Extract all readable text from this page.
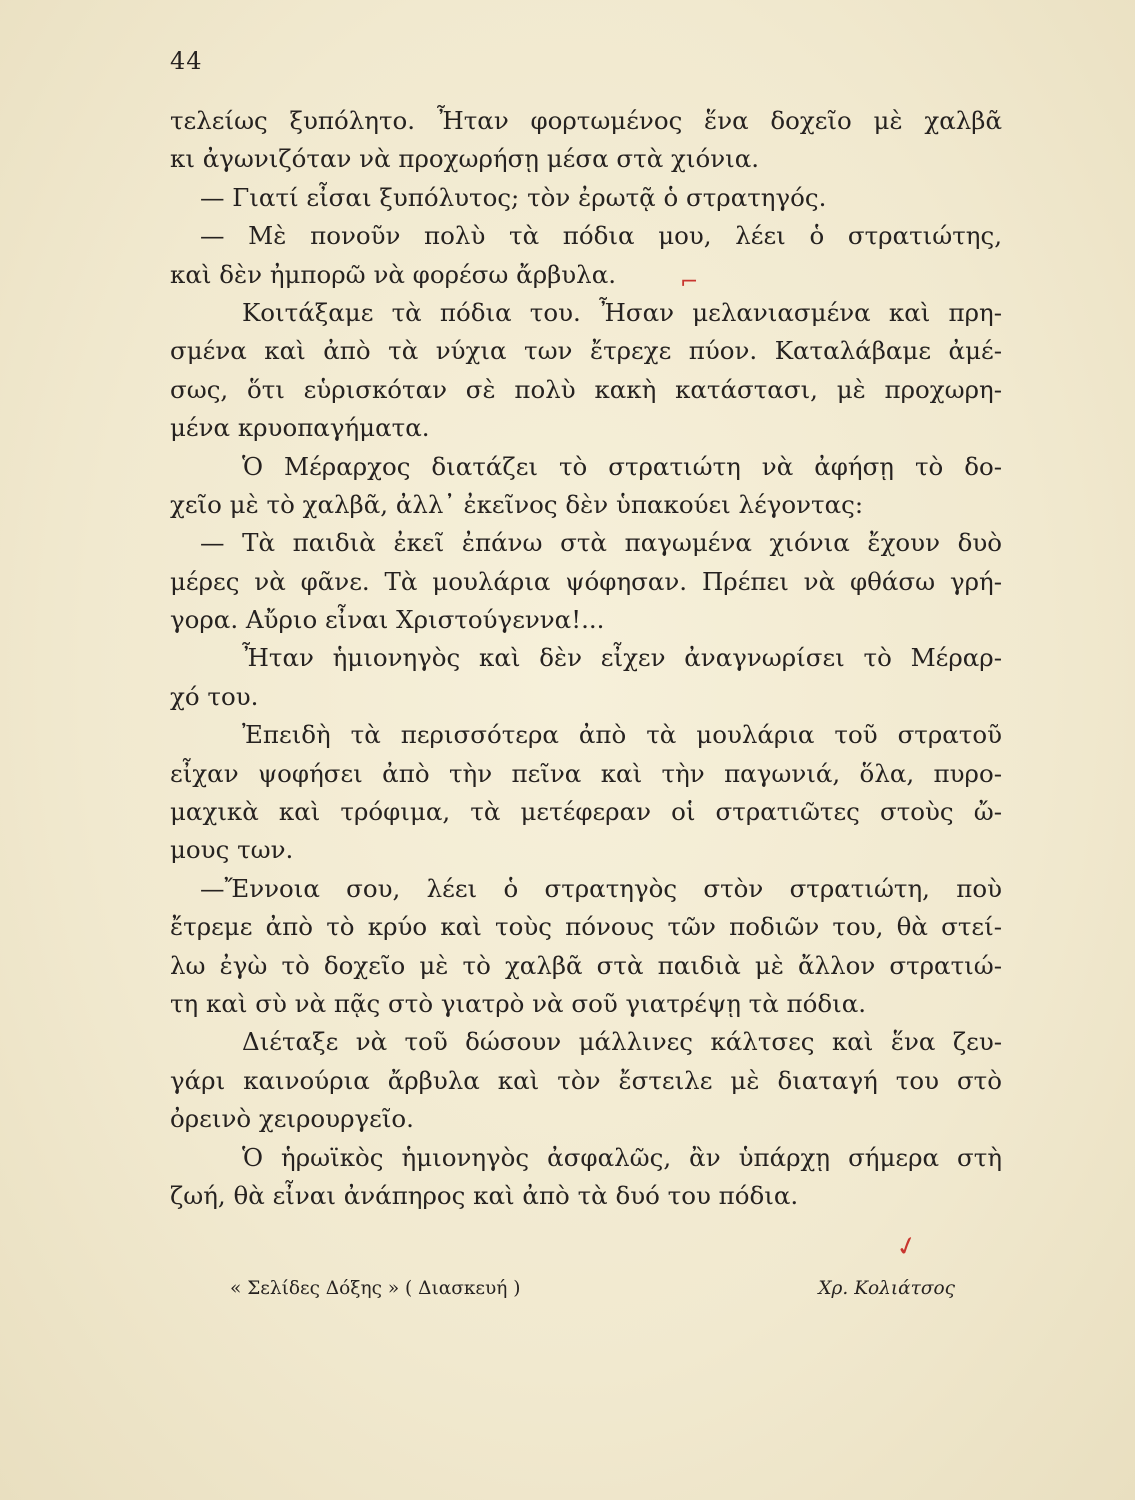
44
τελείως ξυπόλητο. Ἦταν φορτωμένος ἕνα δοχεῖο μὲ χαλβᾶ
κι ἀγωνιζόταν νὰ προχωρήσῃ μέσα στὰ χιόνια.
— Γιατί εἶσαι ξυπόλυτος; τὸν ἐρωτᾷ ὁ στρατηγός.
— Μὲ πονοῦν πολὺ τὰ πόδια μου, λέει ὁ στρατιώτης,
καὶ δὲν ἠμπορῶ νὰ φορέσω ἄρβυλα.
Κοιτάξαμε τὰ πόδια του. Ἦσαν μελανιασμένα καὶ πρη-
σμένα καὶ ἀπὸ τὰ νύχια των ἔτρεχε πύον. Καταλάβαμε ἀμέ-
σως, ὅτι εὑρισκόταν σὲ πολὺ κακὴ κατάστασι, μὲ προχωρη-
μένα κρυοπαγήματα.
Ὁ Μέραρχος διατάζει τὸ στρατιώτη νὰ ἀφήσῃ τὸ δο-
χεῖο μὲ τὸ χαλβᾶ, ἀλλ᾽ ἐκεῖνος δὲν ὑπακούει λέγοντας:
— Τὰ παιδιὰ ἐκεῖ ἐπάνω στὰ παγωμένα χιόνια ἔχουν δυὸ
μέρες νὰ φᾶνε. Τὰ μουλάρια ψόφησαν. Πρέπει νὰ φθάσω γρή-
γορα. Αὔριο εἶναι Χριστούγεννα!...
Ἦταν ἡμιονηγὸς καὶ δὲν εἶχεν ἀναγνωρίσει τὸ Μέραρ-
χό του.
Ἐπειδὴ τὰ περισσότερα ἀπὸ τὰ μουλάρια τοῦ στρατοῦ
εἶχαν ψοφήσει ἀπὸ τὴν πεῖνα καὶ τὴν παγωνιά, ὅλα, πυρο-
μαχικὰ καὶ τρόφιμα, τὰ μετέφεραν οἱ στρατιῶτες στοὺς ὤ-
μους των.
—Ἔννοια σου, λέει ὁ στρατηγὸς στὸν στρατιώτη, ποὺ
ἔτρεμε ἀπὸ τὸ κρύο καὶ τοὺς πόνους τῶν ποδιῶν του, θὰ στεί-
λω ἐγὼ τὸ δοχεῖο μὲ τὸ χαλβᾶ στὰ παιδιὰ μὲ ἄλλον στρατιώ-
τη καὶ σὺ νὰ πᾷς στὸ γιατρὸ νὰ σοῦ γιατρέψῃ τὰ πόδια.
Διέταξε νὰ τοῦ δώσουν μάλλινες κάλτσες καὶ ἕνα ζευ-
γάρι καινούρια ἄρβυλα καὶ τὸν ἔστειλε μὲ διαταγή του στὸ
ὀρεινὸ χειρουργεῖο.
Ὁ ἡρωϊκὸς ἡμιονηγὸς ἀσφαλῶς, ἂν ὑπάρχῃ σήμερα στὴ
ζωή, θὰ εἶναι ἀνάπηρος καὶ ἀπὸ τὰ δυό του πόδια.
⌐
✓
« Σελίδες Δόξης » ( Διασκευή )	Χρ. Κολιάτσος
